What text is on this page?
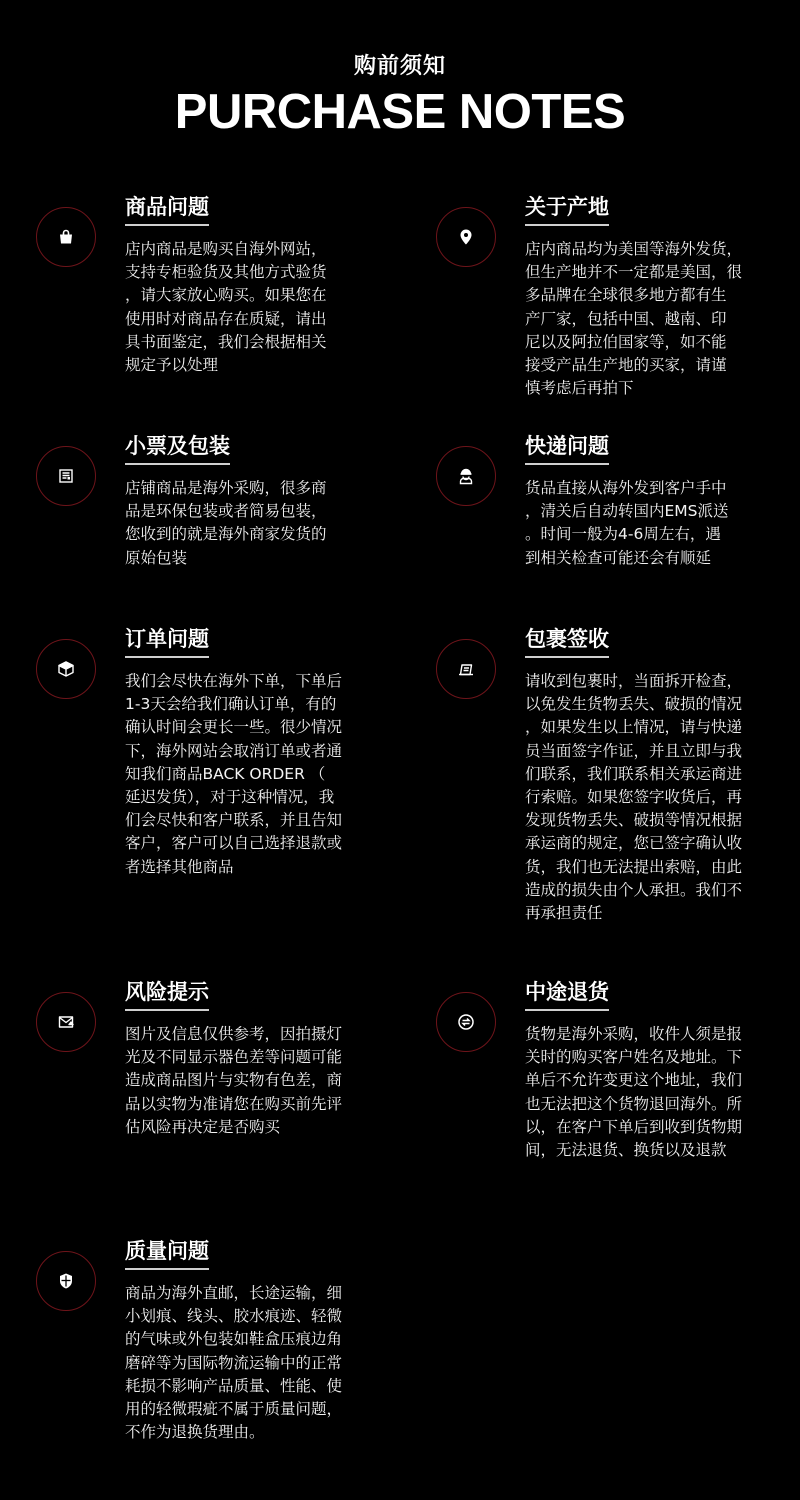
购前须知
PURCHASE NOTES
商品问题
店内商品是购买自海外网站，
支持专柜验货及其他方式验货
，请大家放心购买。如果您在
使用时对商品存在质疑，请出
具书面鉴定，我们会根据相关
规定予以处理
关于产地
店内商品均为美国等海外发货，
但生产地并不一定都是美国，很
多品牌在全球很多地方都有生
产厂家，包括中国、越南、印
尼以及阿拉伯国家等，如不能
接受产品生产地的买家，请谨
慎考虑后再拍下
小票及包装
店铺商品是海外采购，很多商
品是环保包装或者简易包装，
您收到的就是海外商家发货的
原始包装
快递问题
货品直接从海外发到客户手中
，清关后自动转国内EMS派送
。时间一般为4-6周左右，遇
到相关检查可能还会有顺延
订单问题
我们会尽快在海外下单，下单后
1-3天会给我们确认订单，有的
确认时间会更长一些。很少情况
下，海外网站会取消订单或者通
知我们商品BACK ORDER （
延迟发货），对于这种情况，我
们会尽快和客户联系，并且告知
客户，客户可以自己选择退款或
者选择其他商品
包裹签收
请收到包裹时，当面拆开检查，
以免发生货物丢失、破损的情况
，如果发生以上情况，请与快递
员当面签字作证，并且立即与我
们联系，我们联系相关承运商进
行索赔。如果您签字收货后，再
发现货物丢失、破损等情况根据
承运商的规定，您已签字确认收
货，我们也无法提出索赔，由此
造成的损失由个人承担。我们不
再承担责任
风险提示
图片及信息仅供参考，因拍摄灯
光及不同显示器色差等问题可能
造成商品图片与实物有色差，商
品以实物为准请您在购买前先评
估风险再决定是否购买
中途退货
货物是海外采购，收件人须是报
关时的购买客户姓名及地址。下
单后不允许变更这个地址，我们
也无法把这个货物退回海外。所
以，在客户下单后到收到货物期
间，无法退货、换货以及退款
质量问题
商品为海外直邮，长途运输，细
小划痕、线头、胶水痕迹、轻微
的气味或外包装如鞋盒压痕边角
磨碎等为国际物流运输中的正常
耗损不影响产品质量、性能、使
用的轻微瑕疵不属于质量问题，
不作为退换货理由。
